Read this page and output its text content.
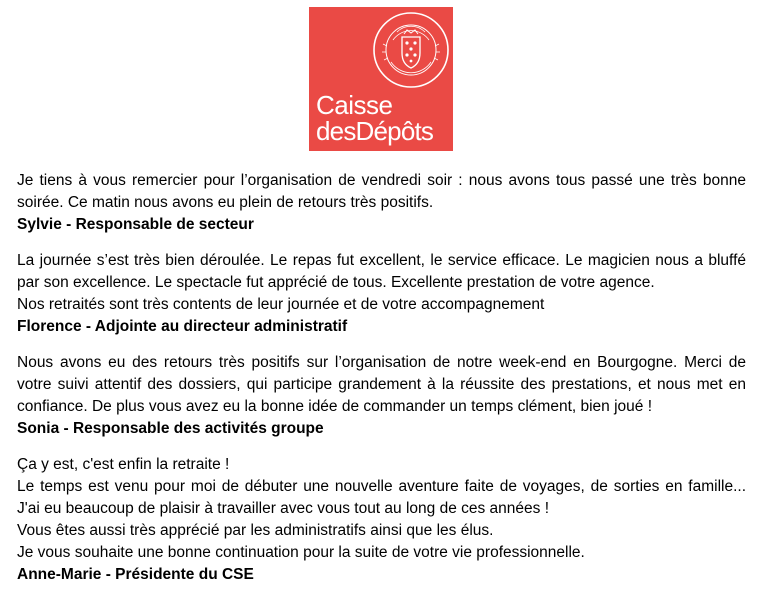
Caisse
desDépôts

Je tiens à vous remercier pour l’organisation de vendredi soir : nous avons tous passé une très bonne soirée. Ce matin nous avons eu plein de retours très positifs.

Sylvie - Responsable de secteur

La journée s’est très bien déroulée. Le repas fut excellent, le service efficace. Le magicien nous a bluffé par son excellence. Le spectacle fut apprécié de tous. Excellente prestation de votre agence.

Nos retraités sont très contents de leur journée et de votre accompagnement

Florence - Adjointe au directeur administratif

Nous avons eu des retours très positifs sur l’organisation de notre week-end en Bourgogne. Merci de votre suivi attentif des dossiers, qui participe grandement à la réussite des prestations, et nous met en confiance. De plus vous avez eu la bonne idée de commander un temps clément, bien joué !

Sonia - Responsable des activités groupe

Ça y est, c'est enfin la retraite !

Le temps est venu pour moi de débuter une nouvelle aventure faite de voyages, de sorties en famille... J'ai eu beaucoup de plaisir à travailler avec vous tout au long de ces années !

Vous êtes aussi très apprécié par les administratifs ainsi que les élus.

Je vous souhaite une bonne continuation pour la suite de votre vie professionnelle.

Anne-Marie - Présidente du CSE
